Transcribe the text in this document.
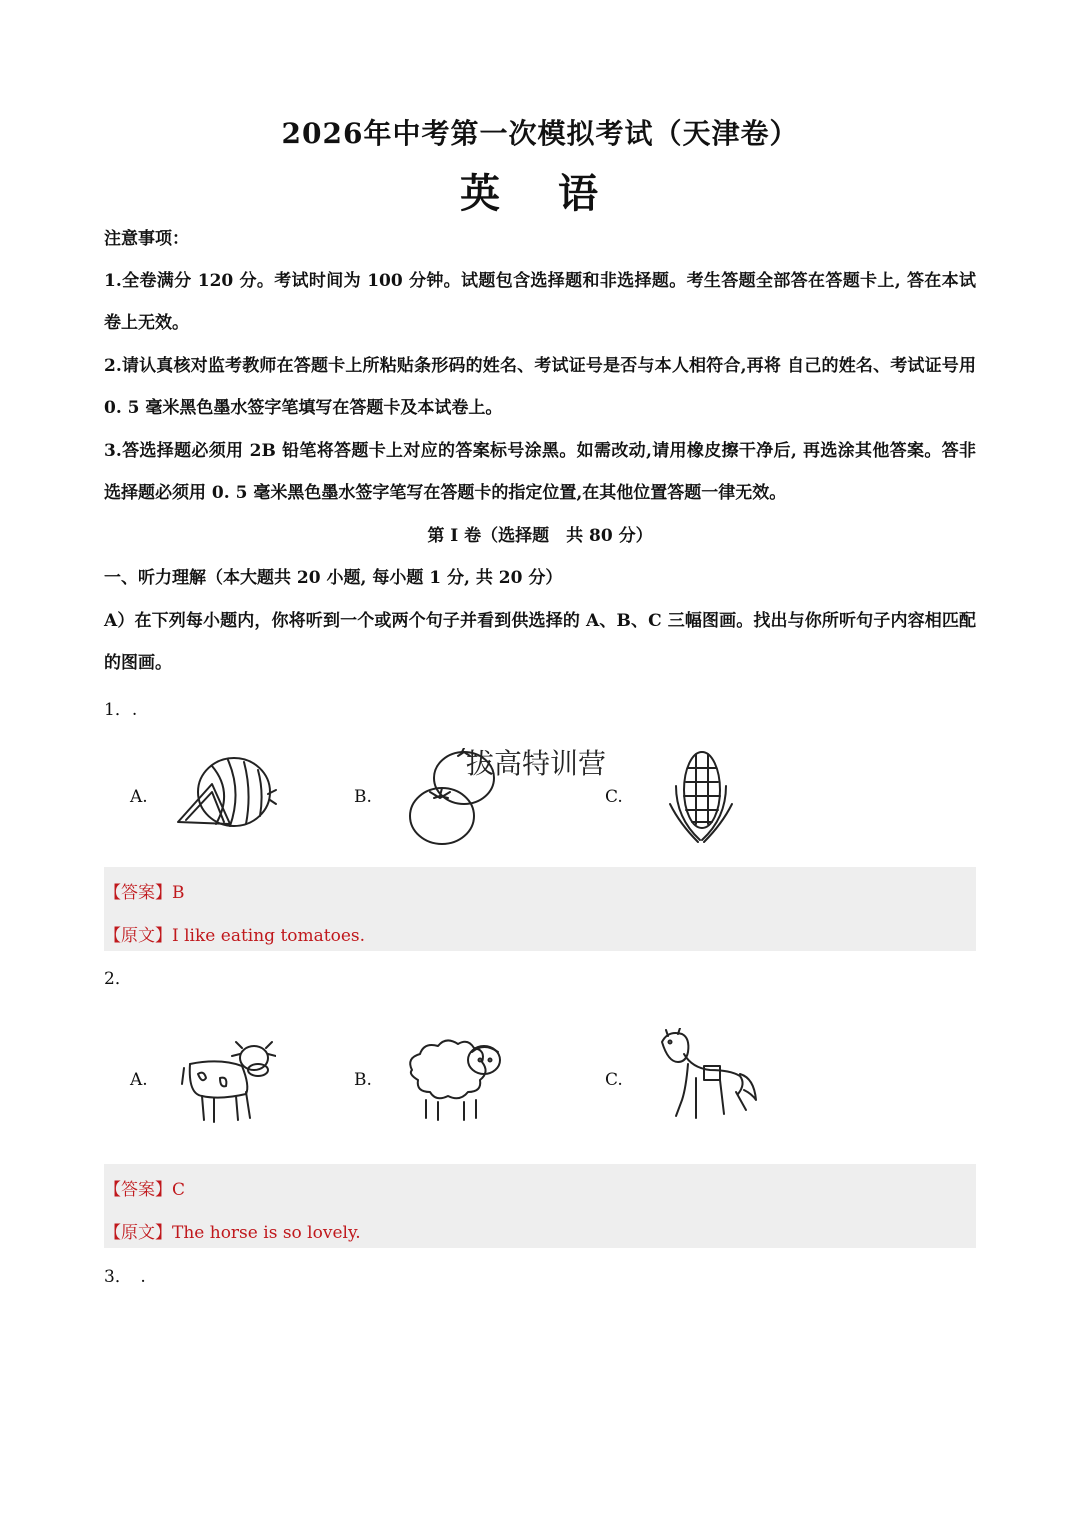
2026年中考第一次模拟考试（天津卷）
英 语
注意事项：
1.全卷满分 120 分。考试时间为 100 分钟。试题包含选择题和非选择题。考生答题全部答在答题卡上, 答在本试卷上无效。
2.请认真核对监考教师在答题卡上所粘贴条形码的姓名、考试证号是否与本人相符合,再将 自己的姓名、考试证号用 0. 5 毫米黑色墨水签字笔填写在答题卡及本试卷上。
3.答选择题必须用 2B 铅笔将答题卡上对应的答案标号涂黑。如需改动,请用橡皮擦干净后, 再选涂其他答案。答非选择题必须用 0. 5 毫米黑色墨水签字笔写在答题卡的指定位置,在其他位置答题一律无效。
第 I 卷（选择题　共 80 分）
一、听力理解（本大题共 20 小题, 每小题 1 分, 共 20 分）
A）在下列每小题内，你将听到一个或两个句子并看到供选择的 A、B、C 三幅图画。找出与你所听句子内容相匹配的图画。
1．.
A.	B.	C.
拔高特训营
【答案】B
【原文】I like eating tomatoes.
2．
A.	B.	C.
【答案】C
【原文】The horse is so lovely.
3．　.
